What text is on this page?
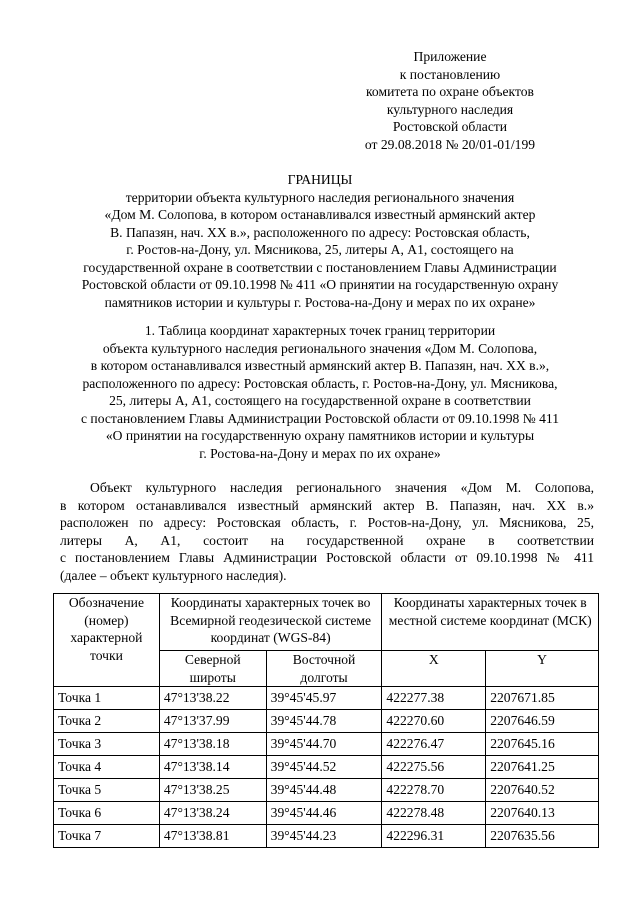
Приложение
к постановлению
комитета по охране объектов
культурного наследия
Ростовской области
от 29.08.2018 № 20/01-01/199
ГРАНИЦЫ
территории объекта культурного наследия регионального значения
«Дом М. Солопова, в котором останавливался известный армянский актер
В. Папазян, нач. XX в.», расположенного по адресу: Ростовская область,
г. Ростов-на-Дону, ул. Мясникова, 25, литеры А, А1, состоящего на
государственной охране в соответствии с постановлением Главы Администрации
Ростовской области от 09.10.1998 № 411 «О принятии на государственную охрану
памятников истории и культуры г. Ростова-на-Дону и мерах по их охране»
1. Таблица координат характерных точек границ территории
объекта культурного наследия регионального значения «Дом М. Солопова,
в котором останавливался известный армянский актер В. Папазян, нач. XX в.»,
расположенного по адресу: Ростовская область, г. Ростов-на-Дону, ул. Мясникова,
25, литеры А, А1, состоящего на государственной охране в соответствии
с постановлением Главы Администрации Ростовской области от 09.10.1998 № 411
«О принятии на государственную охрану памятников истории и культуры
г. Ростова-на-Дону и мерах по их охране»
Объект культурного наследия регионального значения «Дом М. Солопова,
в котором останавливался известный армянский актер В. Папазян, нач. XX в.»
расположен по адресу: Ростовская область, г. Ростов-на-Дону, ул. Мясникова, 25,
литеры А, А1, состоит на государственной охране в соответствии
с постановлением Главы Администрации Ростовской области от 09.10.1998 № 411
(далее – объект культурного наследия).
Обозначение (номер) характерной точки	Координаты характерных точек во Всемирной геодезической системе координат (WGS-84)		Координаты характерных точек в местной системе координат (МСК)	
	Северной широты	Восточной долготы	X	Y
Точка 1	47°13'38.22	39°45'45.97	422277.38	2207671.85
Точка 2	47°13'37.99	39°45'44.78	422270.60	2207646.59
Точка 3	47°13'38.18	39°45'44.70	422276.47	2207645.16
Точка 4	47°13'38.14	39°45'44.52	422275.56	2207641.25
Точка 5	47°13'38.25	39°45'44.48	422278.70	2207640.52
Точка 6	47°13'38.24	39°45'44.46	422278.48	2207640.13
Точка 7	47°13'38.81	39°45'44.23	422296.31	2207635.56
